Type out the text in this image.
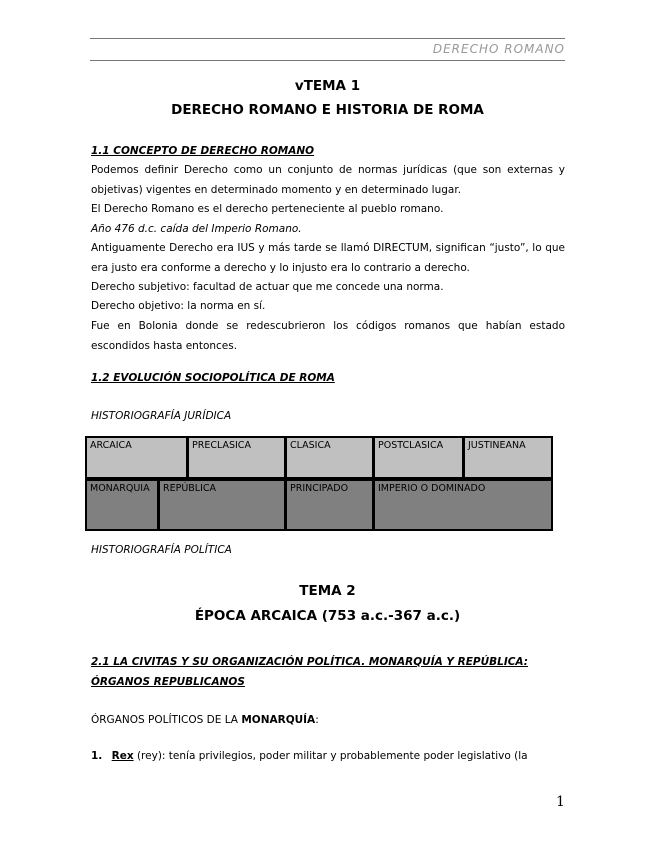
DERECHO ROMANO
vTEMA 1
DERECHO ROMANO E HISTORIA DE ROMA
1.1 CONCEPTO DE DERECHO ROMANO
Podemos definir Derecho como un conjunto de normas jurídicas (que son externas y objetivas) vigentes en determinado momento y en determinado lugar.
El Derecho Romano es el derecho perteneciente al pueblo romano.
Año 476 d.c. caída del Imperio Romano.
Antiguamente Derecho era IUS y más tarde se llamó DIRECTUM, significan “justo”, lo que era justo era conforme a derecho y lo injusto era lo contrario a derecho.
Derecho subjetivo: facultad de actuar que me concede una norma.
Derecho objetivo: la norma en sí.
Fue en Bolonia donde se redescubrieron los códigos romanos que habían estado escondidos hasta entonces.
1.2 EVOLUCIÓN SOCIOPOLÍTICA DE ROMA
HISTORIOGRAFÍA JURÍDICA
ARCAICA	PRECLASICA	CLASICA	POSTCLASICA	JUSTINEANA
MONARQUIA	REPÚBLICA	PRINCIPADO	IMPERIO O DOMINADO
HISTORIOGRAFÍA POLÍTICA
TEMA 2
ÉPOCA ARCAICA (753 a.c.-367 a.c.)
2.1 LA CIVITAS Y SU ORGANIZACIÓN POLÍTICA. MONARQUÍA Y REPÚBLICA:
ÓRGANOS REPUBLICANOS
ÓRGANOS POLÍTICOS DE LA MONARQUÍA:
1. Rex (rey): tenía privilegios, poder militar y probablemente poder legislativo (la
1
